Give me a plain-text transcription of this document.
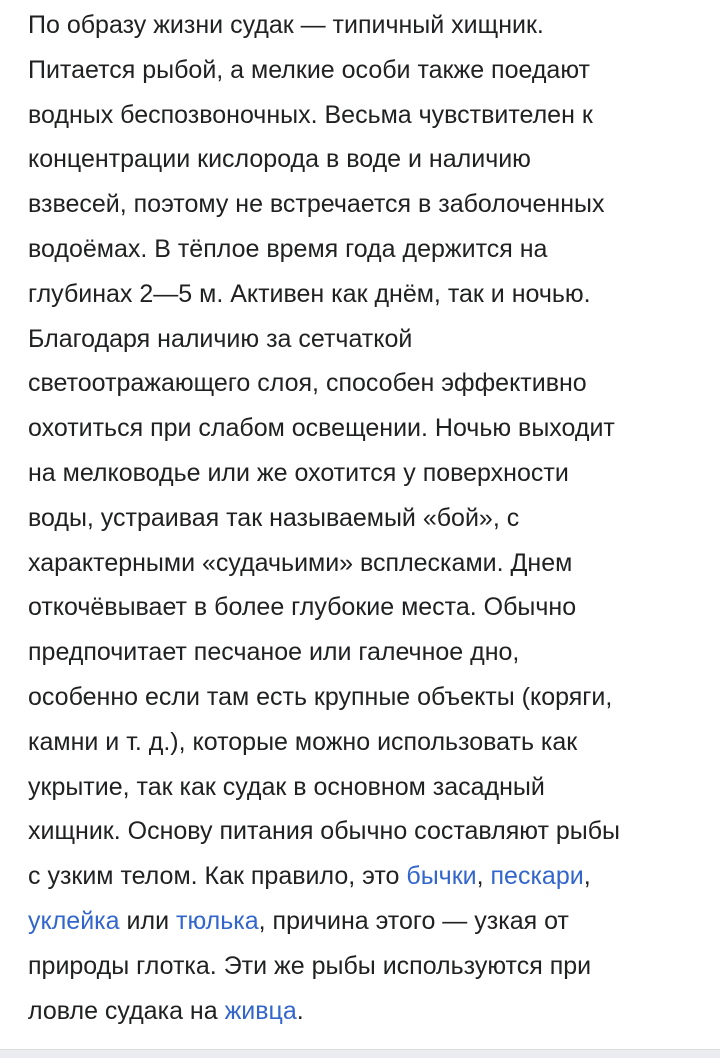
По образу жизни судак — типичный хищник.
Питается рыбой, а мелкие особи также поедают
водных беспозвоночных. Весьма чувствителен к
концентрации кислорода в воде и наличию
взвесей, поэтому не встречается в заболоченных
водоёмах. В тёплое время года держится на
глубинах 2—5 м. Активен как днём, так и ночью.
Благодаря наличию за сетчаткой
светоотражающего слоя, способен эффективно
охотиться при слабом освещении. Ночью выходит
на мелководье или же охотится у поверхности
воды, устраивая так называемый «бой», с
характерными «судачьими» всплесками. Днем
откочёвывает в более глубокие места. Обычно
предпочитает песчаное или галечное дно,
особенно если там есть крупные объекты (коряги,
камни и т. д.), которые можно использовать как
укрытие, так как судак в основном засадный
хищник. Основу питания обычно составляют рыбы
с узким телом. Как правило, это бычки, пескари,
уклейка или тюлька, причина этого — узкая от
природы глотка. Эти же рыбы используются при
ловле судака на живца.
